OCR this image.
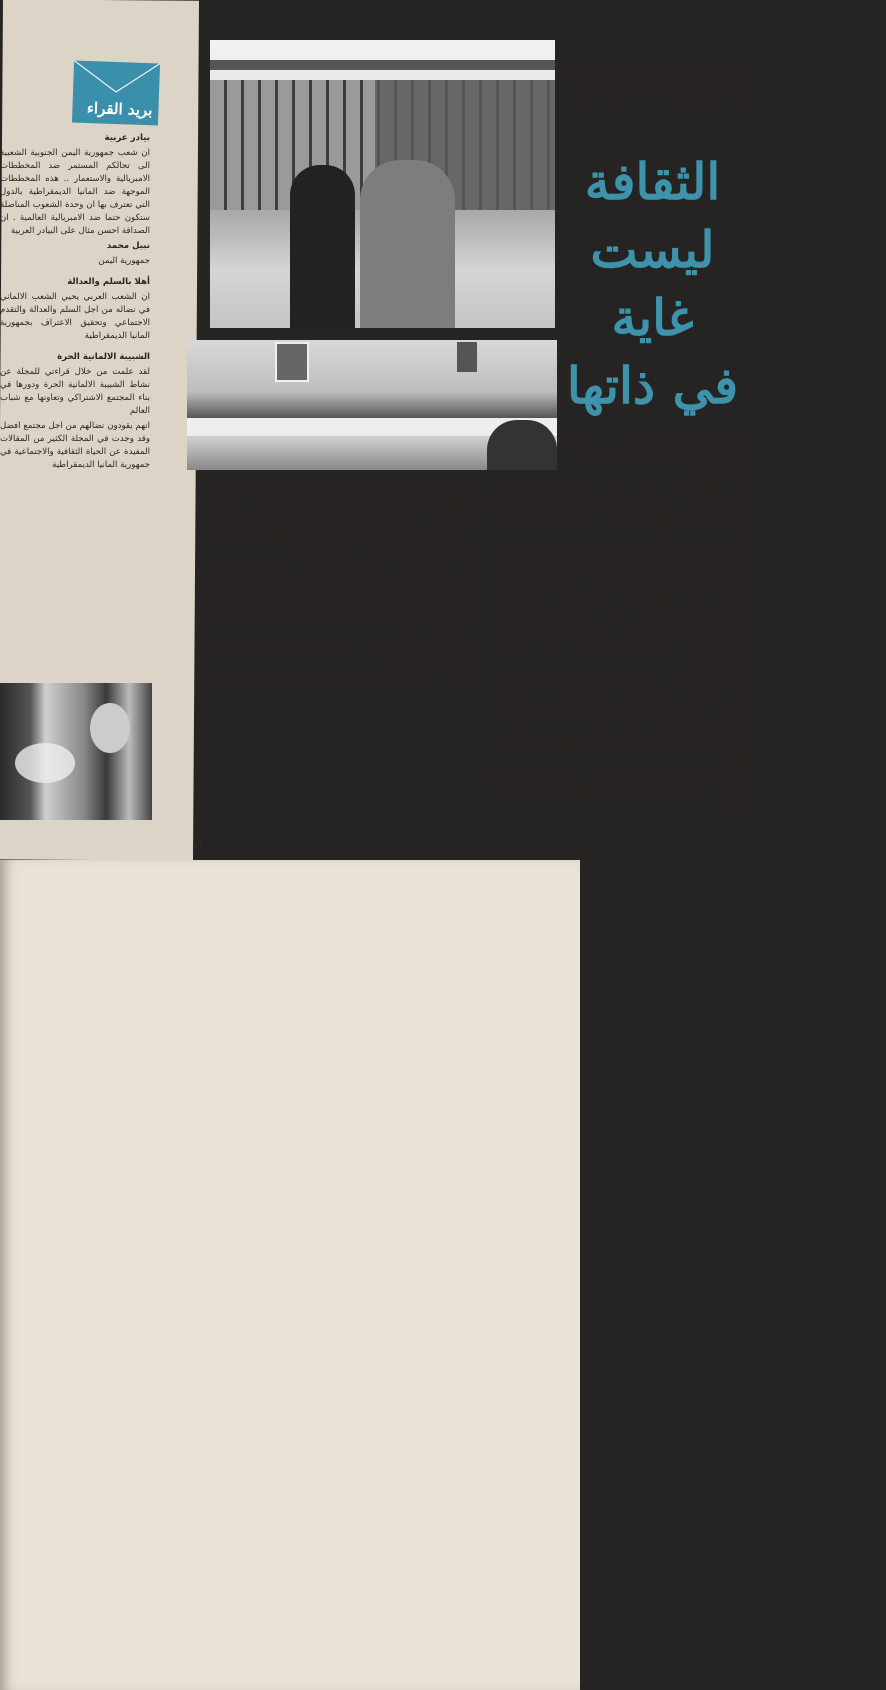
بريد القراء

بيادر عربية

ان شعب جمهورية اليمن الجنوبية الشعبية الى تحالكم المستمر ضد المخططات الامبريالية والاستعمار .. هذه المخططات الموجهة ضد المانيا الديمقراطية بالدول التي تعترف بها ان وحدة الشعوب المناضلة ستكون حتما ضد الامبريالية العالمية . ان الصداقة احسن مثال على البيادر العربية

نبيل محمد

جمهورية اليمن

أهلا بالسلم والعدالة

ان الشعب العربي يحيي الشعب الالماني في نضاله من اجل السلم والعدالة والتقدم الاجتماعي وتحقيق الاعتراف بجمهورية المانيا الديمقراطية

الشبيبة الالمانية الحرة

لقد علمت من خلال قراءتي للمجلة عن نشاط الشبيبة الالمانية الحرة ودورها في بناء المجتمع الاشتراكي وتعاونها مع شباب العالم

انهم يقودون نضالهم من اجل مجتمع افضل وقد وجدت في المجلة الكثير من المقالات المفيدة عن الحياة الثقافية والاجتماعية في جمهورية المانيا الديمقراطية

أمام قصر الثقافة بمدينة درسدن مع البروفسور جيرهارد بوندارين ، عميد كلية الفنون الجميلة ومبدع الصورة الجدارية « طريق الراية الحمراء » ( راجع « المجلة » عدد ٤ / ١٩٧٠ )
الثقافة
ليست
غاية
في ذاتها
أثناء حديث مع المسؤولين في مصانع روبترون القائمة في مدينة راديبرج بالقرب من درسدن حول العمل الثقافي – السياسي
قامت السيدة الدكتورة حكمت أبو زيد ، عضو اللجنة المركزية بالاتحاد الاشتراكي العربي ، بزيارة الى جمهورية ألمانيا الديمقراطية بقصد تبادل الخبرات في الميدان الثقافي والسياسي . وقد اغتنمت « المجلة » هذه الفرصة لاجراء مقابلة صحفية معها .

« المجلة » : السيدة الدكتورة حكمت أبو زيد ، نرجوك أن تحدثي لنا قليلا عن انطباعاتك الاولى لرحلتك عبر جمهورية ألمانيا الديمقراطية ؟

الدكتورة حكمت أبو زيد : ان أقوى انطباع لي في جمهورية ألمانيا الديمقراطية كسبته من خلال تلاقي مع الناس الذين يعيشون في بلدكم . ولقد قرأت الكثير عن جمهورية ألمانيا الديمقراطية قبل مجيئي اليها . واني جد سعيدة لانها فاقت كل توقعاتي . وما أثر في التفهم العميق الذي يبديه الناس هنا لمشاكل البلدان والشعوب الاخرى . ان التفاهم المتبادل يجعل الصلة مثمرة جدا .

« المجلة » : ما هي الامكانيات التي ترينها للتعاون المثمر بين دولتينا في الميدان الثقافي ؟

الدكتورة حكمت أبو زيد : اننا نعمل معا في ميادين كثيرة جدا : الاقتصاد ، التربية ، الايديولوجية . وهناك اتفاقات تعاقدية ثابتة في المجال الثقافي . وفي هذا المجال تتبادل الفرق والمعارض الفنية والخبرات ونعمل على تطوير العلاقات بين شعبينا .

ان المجال الثقافي يلعب دورا هاما في الحياة الاجتماعية . ان الثقافة يجب أن تكون في خدمة الشعب والانسان . كما أن الاقتصاد هو أساس الحياة الثقافية .

كذلك وليس من خلال التعاون الاقتصادي فقط . ان الاقتصاد هو أساس العلاقات بين البلدان وأيضا أساس التبادل الثقافي المثمر في كل المجالات العملية .

كيف يكون تربية الناس بخلاف ما كانوا عليه . كيف يمكن ادماج مختلف الطبقات في التطور . ومن المفيد كذلك تدفقا للدراسة في جامعاتكم وتبادل الخبرات في بلدينا بزيادة باطراد . والافلام القصيرة محبوبة عندنا ونرحب بها الترحيب . كذلك التبادل في ميدان الباليه ، الموسيقى ، الاوركسترا الخ . يعتبر بالتأكيد أمرا مرغوبا به كثيرا عندنا بحيث تقدم العروض في الغالب في أهم المسارح وأكثرها شعبية .

« المجلة » : ماذا كانت واجبات وأهداف رحلتك ؟

الدكتورة حكمت أبو زيد : أولا أردت أن أرى بأم عيني ما قرأت عنه الكثير . وفي هذا الخصوص تأكد لي أن هناك مصالح مشتركة كثيرة جدا تجمع بين بلدينا . فالفن ملك للشعب كله . هنا رأيت بكل وضوح أن الفن له وظيفة وليس فقط وسيلة للتسلية وانما يساعد على بناء الاشتراكية . ومن المهم بالنسبة لي أن أعرف كيف تستخدمون وسائلكم لتطوير الفن والثقافة ودعمهما في الحياة الثقافية ، حتى مع المسرح والفنون الشعبية .

ومن المهام الاخرى : ان عندنا في مصر والتي لها أهمية كبيرة في حياة الجماهير العاملة هنا ، ان نتعلم الكثير .

« المجلة » : السيدة الدكتورة حكمت أبو زيد ، اننا نشكرك على هذا الحديث معنا .

١١
